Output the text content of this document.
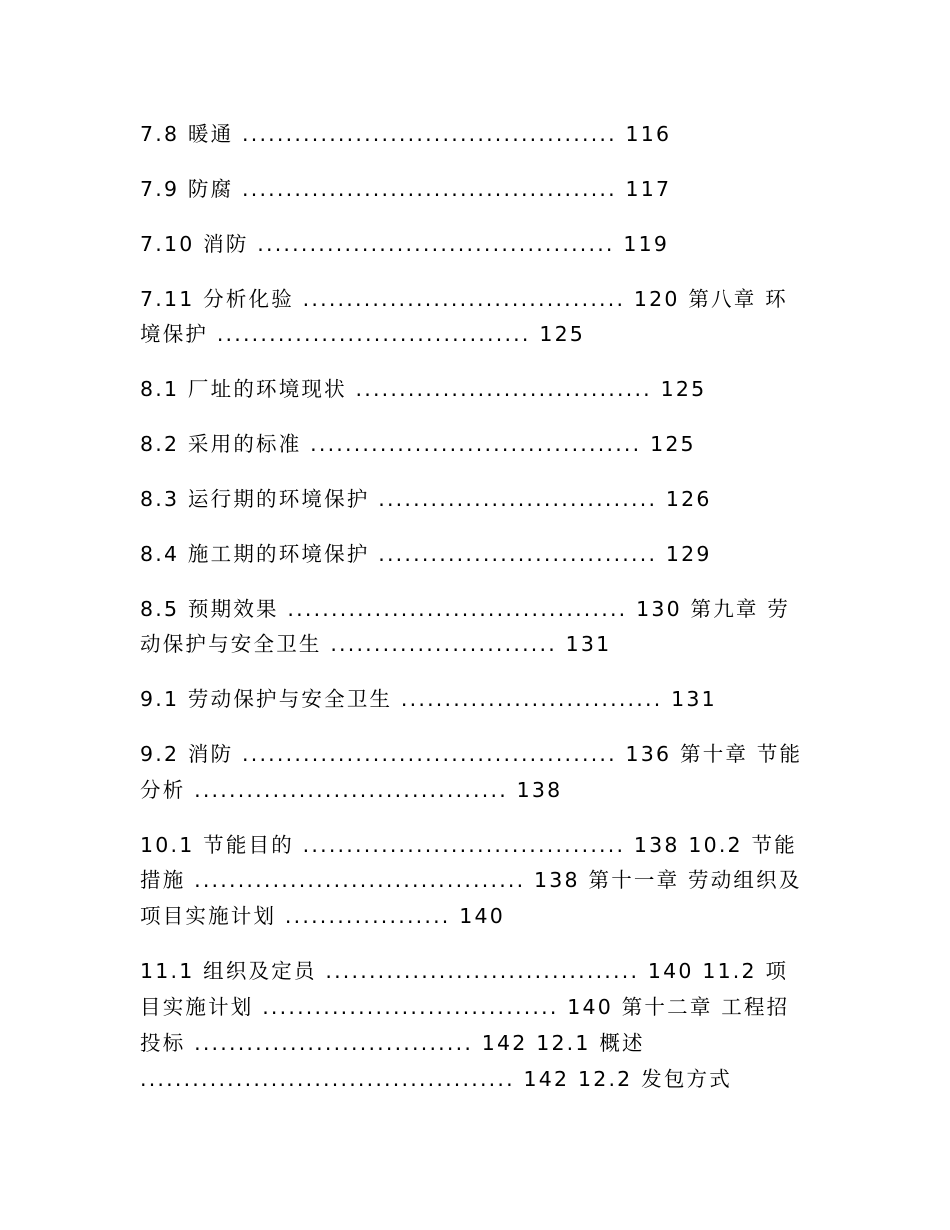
7.8 暖通 ........................................... 116
7.9 防腐 ........................................... 117
7.10 消防 ......................................... 119
7.11 分析化验 ..................................... 120 第八章 环
境保护 .................................... 125
8.1 厂址的环境现状 .................................. 125
8.2 采用的标准 ...................................... 125
8.3 运行期的环境保护 ................................ 126
8.4 施工期的环境保护 ................................ 129
8.5 预期效果 ....................................... 130 第九章 劳
动保护与安全卫生 .......................... 131
9.1 劳动保护与安全卫生 .............................. 131
9.2 消防 ........................................... 136 第十章 节能
分析 .................................... 138
10.1 节能目的 ..................................... 138 10.2 节能
措施 ...................................... 138 第十一章 劳动组织及
项目实施计划 ................... 140
11.1 组织及定员 .................................... 140 11.2 项
目实施计划 .................................. 140 第十二章 工程招
投标 ................................ 142 12.1 概述
........................................... 142 12.2 发包方式
